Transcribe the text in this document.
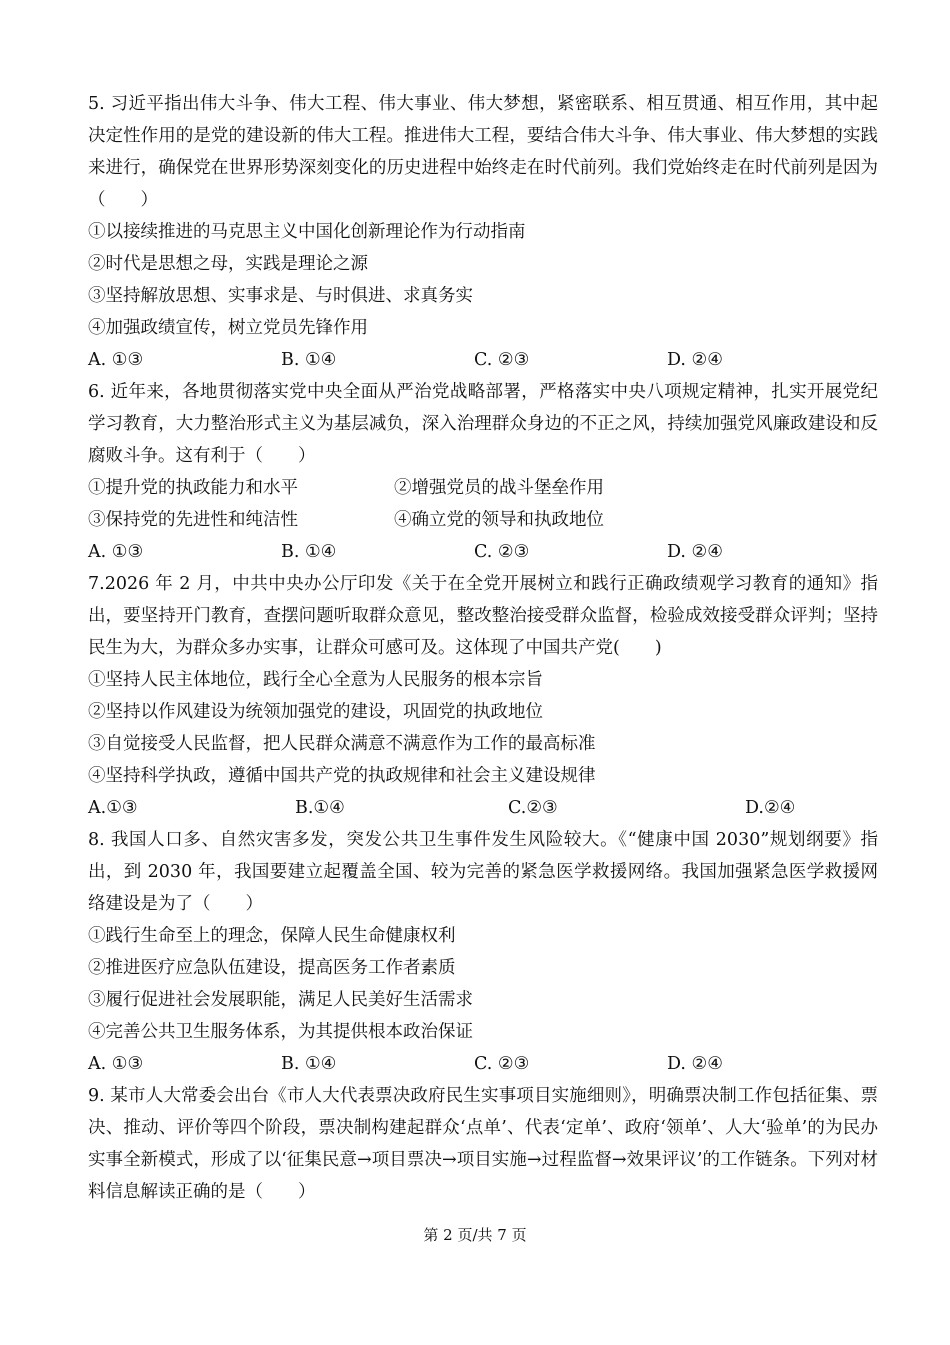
5. 习近平指出伟大斗争、伟大工程、伟大事业、伟大梦想，紧密联系、相互贯通、相互作用，其中起决定性作用的是党的建设新的伟大工程。推进伟大工程，要结合伟大斗争、伟大事业、伟大梦想的实践来进行，确保党在世界形势深刻变化的历史进程中始终走在时代前列。我们党始终走在时代前列是因为（　　）

①以接续推进的马克思主义中国化创新理论作为行动指南

②时代是思想之母，实践是理论之源

③坚持解放思想、实事求是、与时俱进、求真务实

④加强政绩宣传，树立党员先锋作用

A. ①③	B. ①④	C. ②③	D. ②④

6. 近年来，各地贯彻落实党中央全面从严治党战略部署，严格落实中央八项规定精神，扎实开展党纪学习教育，大力整治形式主义为基层减负，深入治理群众身边的不正之风，持续加强党风廉政建设和反腐败斗争。这有利于（　　）

①提升党的执政能力和水平	②增强党员的战斗堡垒作用
③保持党的先进性和纯洁性	④确立党的领导和执政地位
A. ①③	B. ①④	C. ②③	D. ②④

7.2026 年 2 月，中共中央办公厅印发《关于在全党开展树立和践行正确政绩观学习教育的通知》指出，要坚持开门教育，查摆问题听取群众意见，整改整治接受群众监督，检验成效接受群众评判；坚持民生为大，为群众多办实事，让群众可感可及。这体现了中国共产党(　　)

①坚持人民主体地位，践行全心全意为人民服务的根本宗旨

②坚持以作风建设为统领加强党的建设，巩固党的执政地位

③自觉接受人民监督，把人民群众满意不满意作为工作的最高标准

④坚持科学执政，遵循中国共产党的执政规律和社会主义建设规律

A.①③	B.①④	C.②③	D.②④

8. 我国人口多、自然灾害多发，突发公共卫生事件发生风险较大。《“健康中国 2030”规划纲要》指出，到 2030 年，我国要建立起覆盖全国、较为完善的紧急医学救援网络。我国加强紧急医学救援网络建设是为了（　　）

①践行生命至上的理念，保障人民生命健康权利

②推进医疗应急队伍建设，提高医务工作者素质

③履行促进社会发展职能，满足人民美好生活需求

④完善公共卫生服务体系，为其提供根本政治保证

A. ①③	B. ①④	C. ②③	D. ②④

9. 某市人大常委会出台《市人大代表票决政府民生实事项目实施细则》，明确票决制工作包括征集、票决、推动、评价等四个阶段，票决制构建起群众‘点单’、代表‘定单’、政府‘领单’、人大‘验单’的为民办实事全新模式，形成了以‘征集民意→项目票决→项目实施→过程监督→效果评议’的工作链条。下列对材料信息解读正确的是（　　）

第 2 页/共 7 页
